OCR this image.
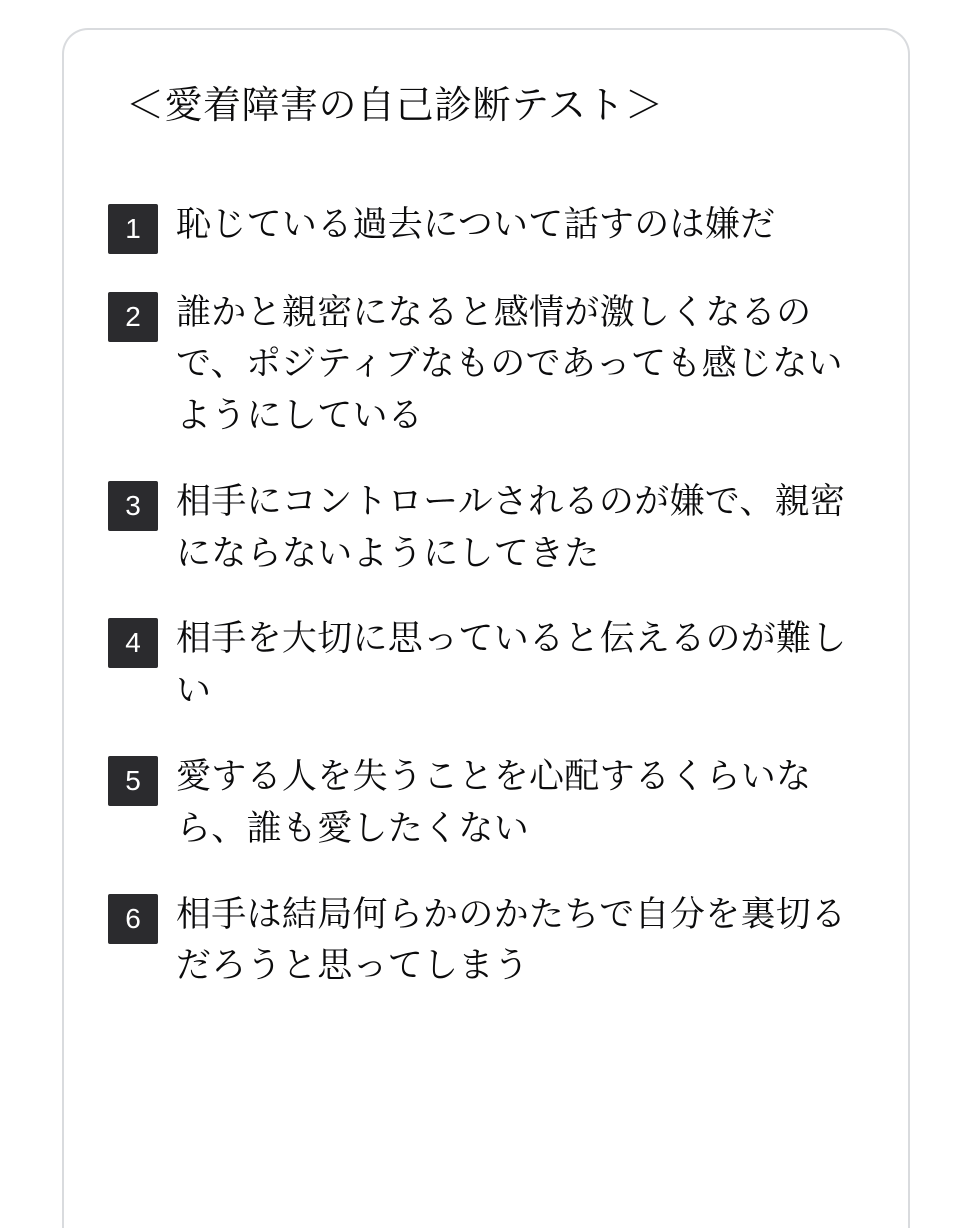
＜愛着障害の自己診断テスト＞
1	恥じている過去について話すのは嫌だ
2	誰かと親密になると感情が激しくなるので、ポジティブなものであっても感じないようにしている
3	相手にコントロールされるのが嫌で、親密にならないようにしてきた
4	相手を大切に思っていると伝えるのが難しい
5	愛する人を失うことを心配するくらいなら、誰も愛したくない
6	相手は結局何らかのかたちで自分を裏切るだろうと思ってしまう
